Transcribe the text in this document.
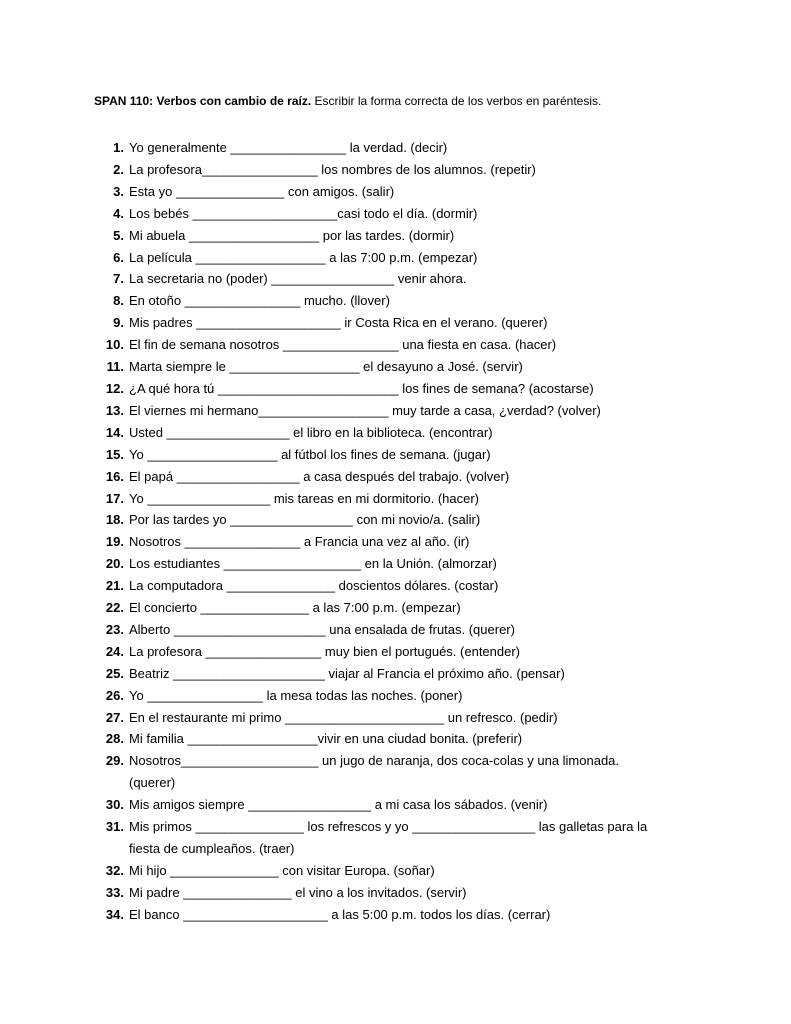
SPAN 110: Verbos con cambio de raíz. Escribir la forma correcta de los verbos en paréntesis.
1. Yo generalmente ________________ la verdad. (decir)
2. La profesora________________ los nombres de los alumnos. (repetir)
3. Esta yo _______________ con amigos. (salir)
4. Los bebés ____________________casi todo el día. (dormir)
5. Mi abuela __________________ por las tardes. (dormir)
6. La película __________________ a las 7:00 p.m. (empezar)
7. La secretaria no (poder) _________________ venir ahora.
8. En otoño ________________ mucho. (llover)
9. Mis padres ____________________ ir Costa Rica en el verano. (querer)
10. El fin de semana nosotros ________________ una fiesta en casa. (hacer)
11. Marta siempre le __________________ el desayuno a José. (servir)
12. ¿A qué hora tú _________________________ los fines de semana? (acostarse)
13. El viernes mi hermano__________________ muy tarde a casa, ¿verdad? (volver)
14. Usted _________________ el libro en la biblioteca. (encontrar)
15. Yo __________________ al fútbol los fines de semana. (jugar)
16. El papá _________________ a casa después del trabajo. (volver)
17. Yo _________________ mis tareas en mi dormitorio. (hacer)
18. Por las tardes yo _________________ con mi novio/a. (salir)
19. Nosotros ________________ a Francia una vez al año. (ir)
20. Los estudiantes ___________________ en la Unión. (almorzar)
21. La computadora _______________ doscientos dólares. (costar)
22. El concierto _______________ a las 7:00 p.m. (empezar)
23. Alberto _____________________ una ensalada de frutas. (querer)
24. La profesora ________________ muy bien el portugués. (entender)
25. Beatriz _____________________ viajar al Francia el próximo año. (pensar)
26. Yo ________________ la mesa todas las noches. (poner)
27. En el restaurante mi primo ______________________ un refresco. (pedir)
28. Mi familia __________________vivir en una ciudad bonita. (preferir)
29. Nosotros___________________ un jugo de naranja, dos coca-colas y una limonada.
(querer)
30. Mis amigos siempre _________________ a mi casa los sábados. (venir)
31. Mis primos _______________ los refrescos y yo _________________ las galletas para la
fiesta de cumpleaños. (traer)
32. Mi hijo _______________ con visitar Europa. (soñar)
33. Mi padre _______________ el vino a los invitados. (servir)
34. El banco ____________________ a las 5:00 p.m. todos los días. (cerrar)
